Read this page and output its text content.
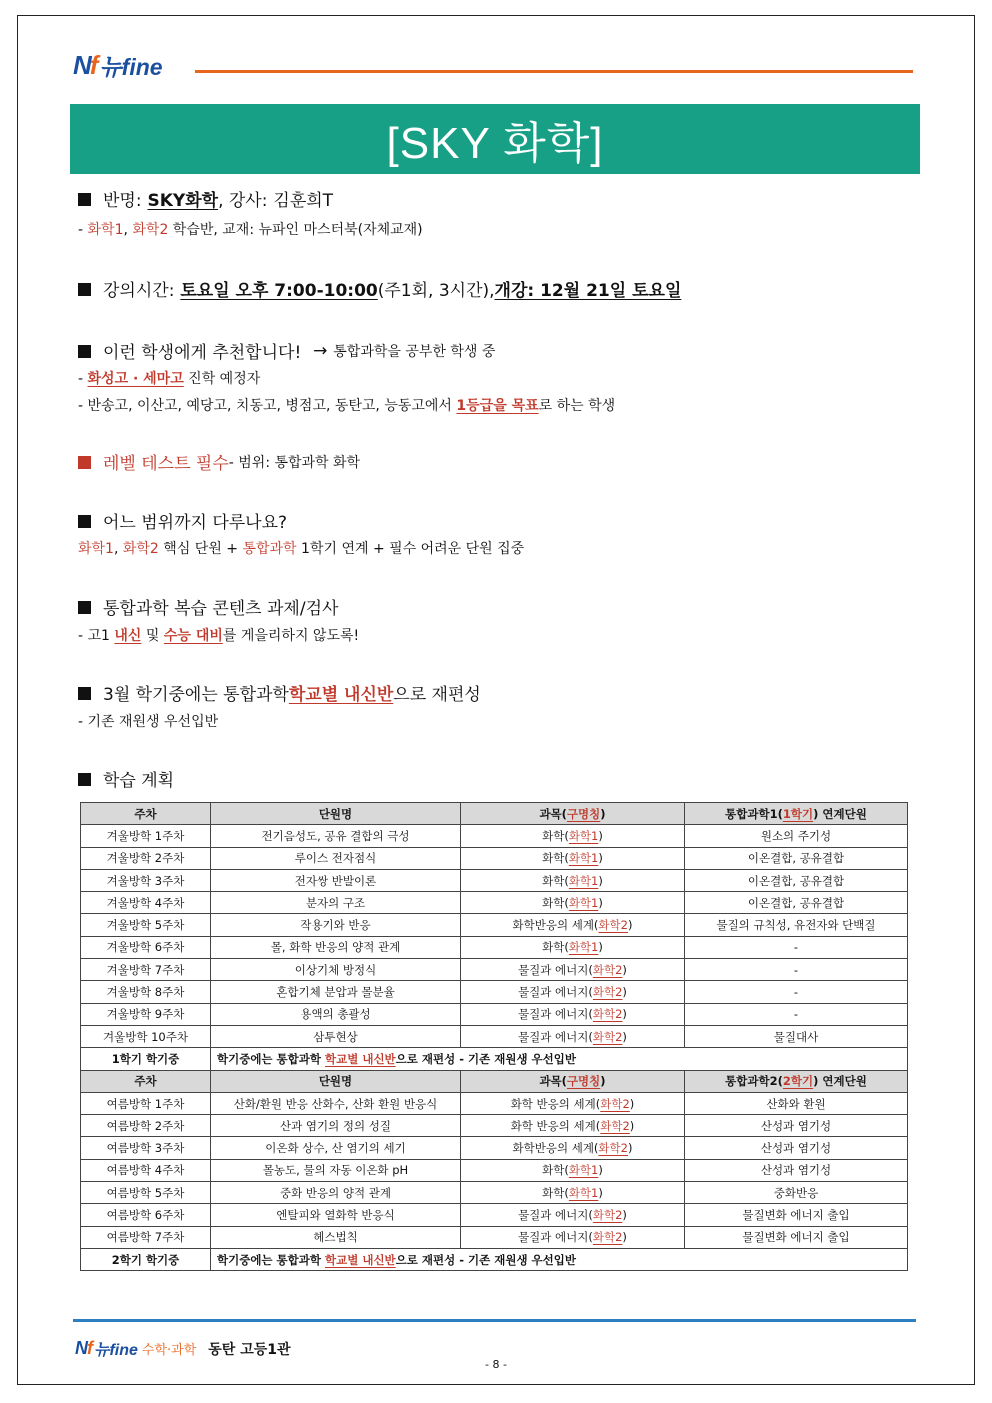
Nf 뉴fine
[SKY 화학]
반명:
SKY화학 , 강사:
김훈희T
- 화학1, 화학2 학습반, 교재: 뉴파인 마스터북(자체교재)
강의시간:
토요일 오후 7:00-10:00 (주1회, 3시간), 개강: 12월 21일 토요일
이런 학생에게 추천합니다!
→
통합과학을 공부한 학생 중
- 화성고 · 세마고 진학 예정자
- 반송고, 이산고, 예당고, 치동고, 병점고, 동탄고, 능동고에서 1등급을 목표로 하는 학생
레벨 테스트 필수 - 범위: 통합과학 화학
어느 범위까지 다루나요?
화학1, 화학2 핵심 단원 + 통합과학 1학기 연계 + 필수 어려운 단원 집중
통합과학 복습 콘텐츠 과제/검사
- 고1 내신 및 수능 대비를 게을리하지 않도록!
3월 학기중에는 통합과학 학교별 내신반 으로 재편성
- 기존 재원생 우선입반
학습 계획
주차	단원명	과목(구명칭)	통합과학1(1학기) 연계단원
겨울방학 1주차	전기음성도, 공유 결합의 극성	화학(화학1)	원소의 주기성
겨울방학 2주차	루이스 전자점식	화학(화학1)	이온결합, 공유결합
겨울방학 3주차	전자쌍 반발이론	화학(화학1)	이온결합, 공유결합
겨울방학 4주차	분자의 구조	화학(화학1)	이온결합, 공유결합
겨울방학 5주차	작용기와 반응	화학반응의 세계(화학2)	물질의 규칙성, 유전자와 단백질
겨울방학 6주차	몰, 화학 반응의 양적 관계	화학(화학1)	-
겨울방학 7주차	이상기체 방정식	물질과 에너지(화학2)	-
겨울방학 8주차	혼합기체 분압과 몰분율	물질과 에너지(화학2)	-
겨울방학 9주차	용액의 총괄성	물질과 에너지(화학2)	-
겨울방학 10주차	삼투현상	물질과 에너지(화학2)	물질대사
1학기 학기중	학기중에는 통합과학 학교별 내신반으로 재편성 - 기존 재원생 우선입반		
주차	단원명	과목(구명칭)	통합과학2(2학기) 연계단원
여름방학 1주차	산화/환원 반응 산화수, 산화 환원 반응식	화학 반응의 세계(화학2)	산화와 환원
여름방학 2주차	산과 염기의 정의 성질	화학 반응의 세계(화학2)	산성과 염기성
여름방학 3주차	이온화 상수, 산 염기의 세기	화학반응의 세계(화학2)	산성과 염기성
여름방학 4주차	몰농도, 물의 자동 이온화 pH	화학(화학1)	산성과 염기성
여름방학 5주차	중화 반응의 양적 관계	화학(화학1)	중화반응
여름방학 6주차	엔탈피와 열화학 반응식	물질과 에너지(화학2)	물질변화 에너지 출입
여름방학 7주차	헤스법칙	물질과 에너지(화학2)	물질변화 에너지 출입
2학기 학기중	학기중에는 통합과학 학교별 내신반으로 재편성 - 기존 재원생 우선입반		
Nf 뉴fine 수학·과학 동탄 고등1관
- 8 -
